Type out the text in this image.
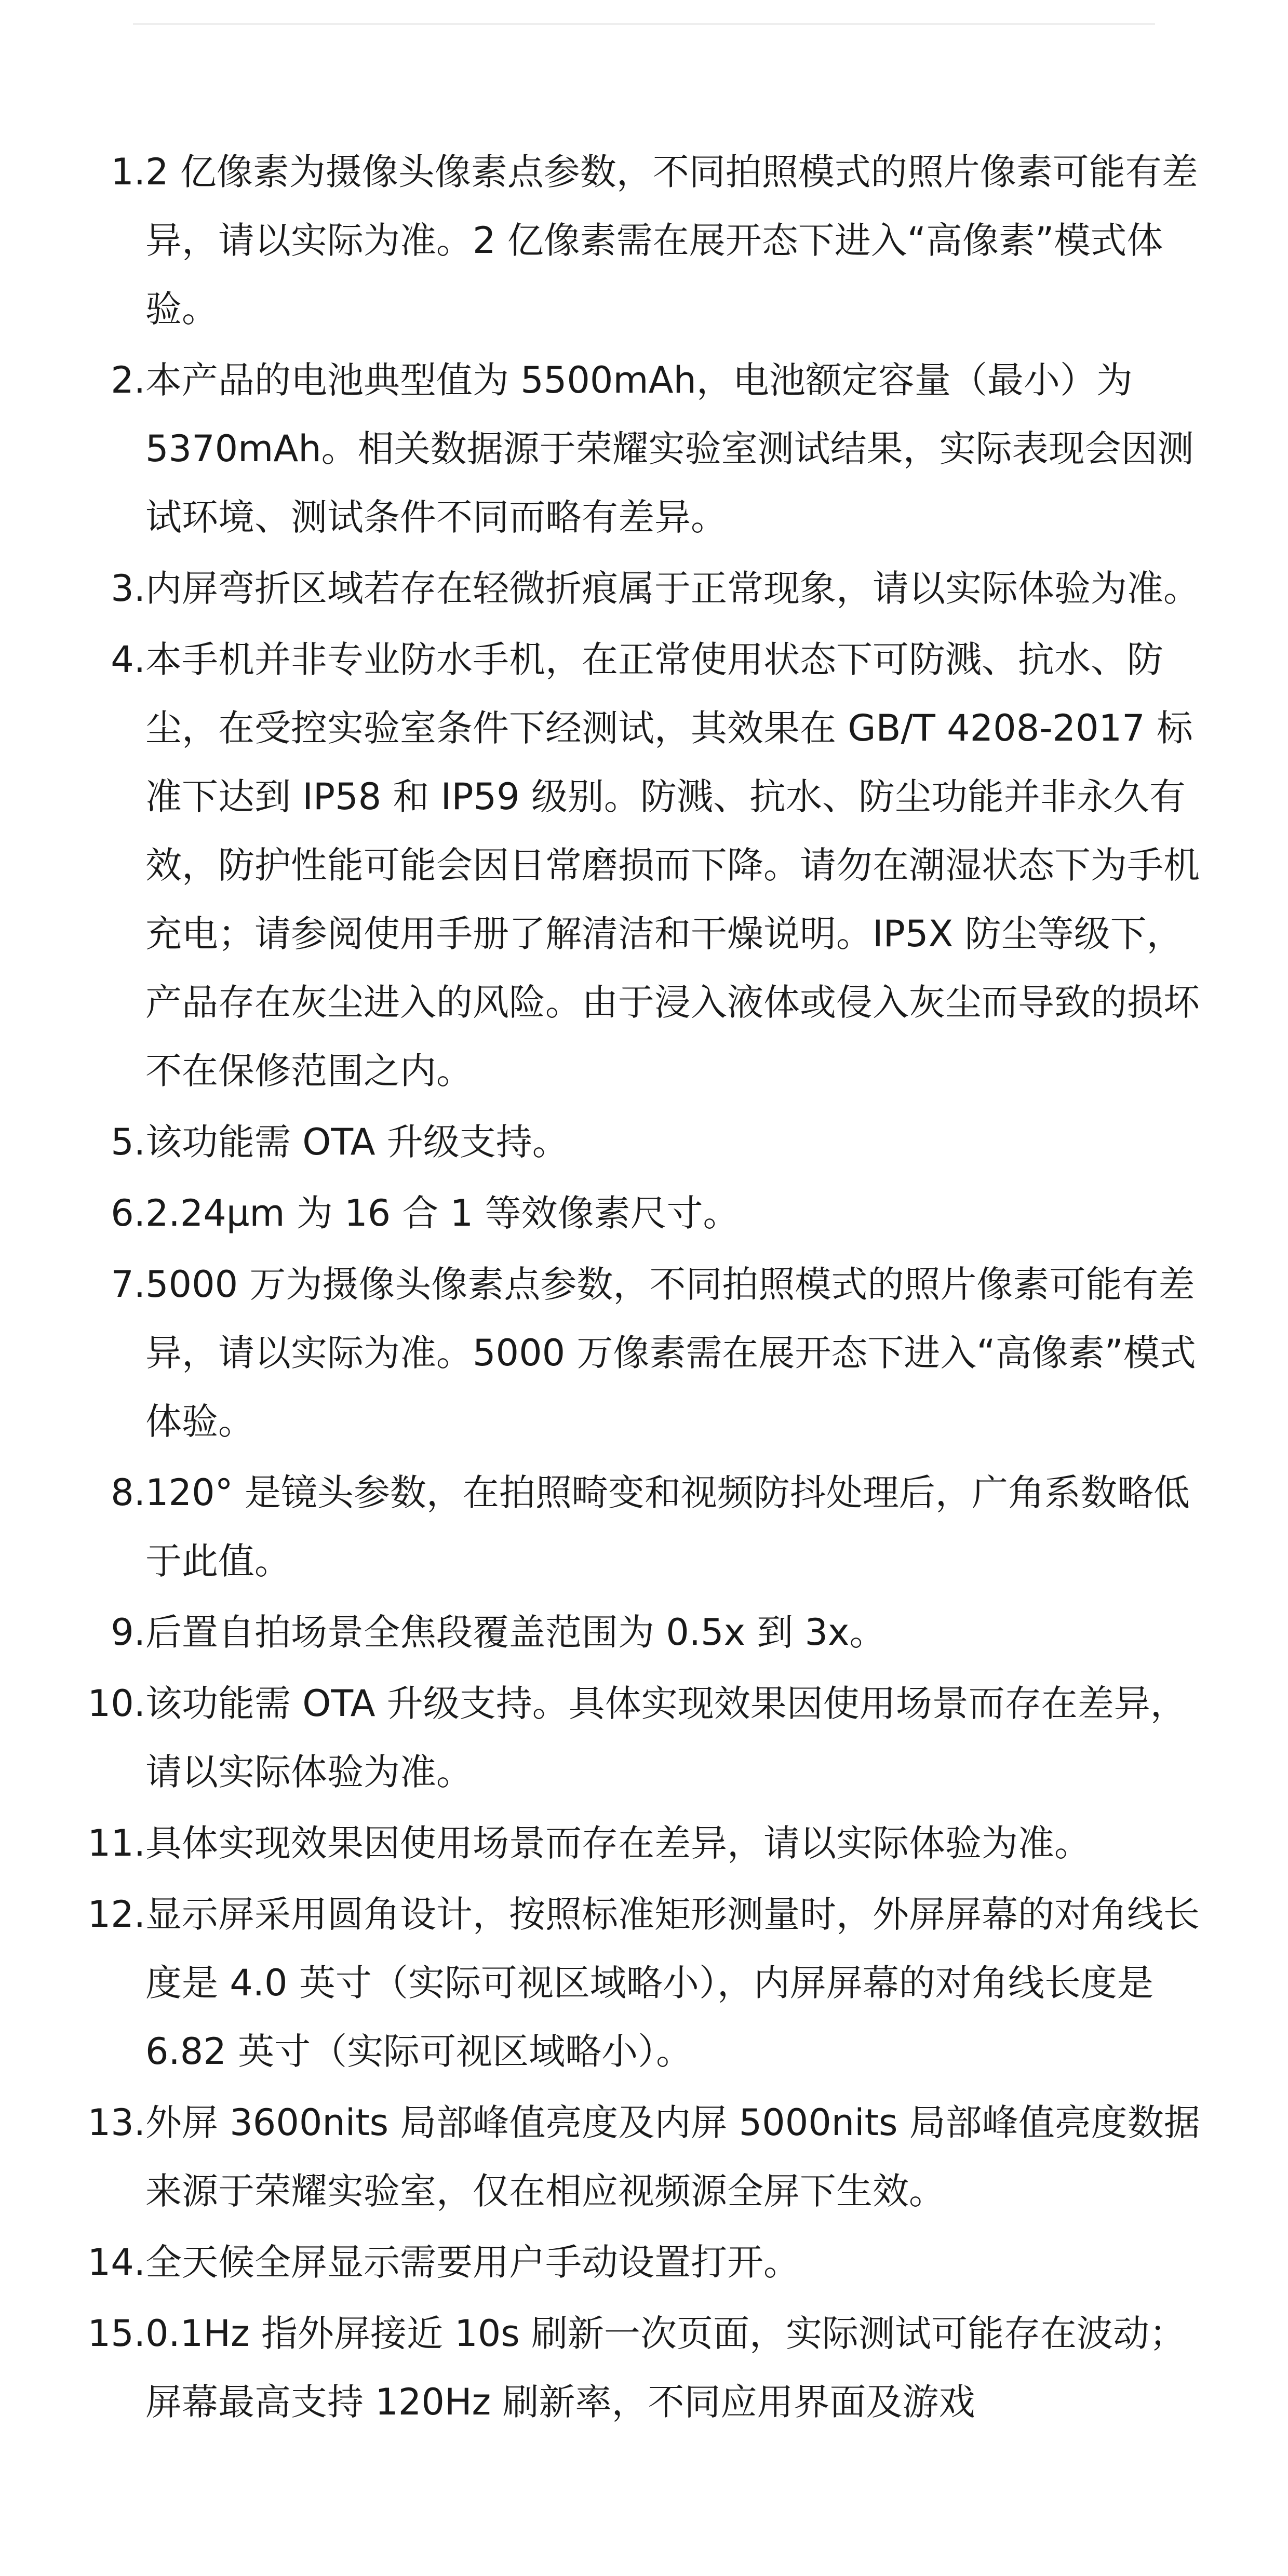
1. 2 亿像素为摄像头像素点参数，不同拍照模式的照片像素可能有差异，请以实际为准。2 亿像素需在展开态下进入“高像素”模式体验。
2. 本产品的电池典型值为 5500mAh，电池额定容量（最小）为 5370mAh。相关数据源于荣耀实验室测试结果，实际表现会因测试环境、测试条件不同而略有差异。
3. 内屏弯折区域若存在轻微折痕属于正常现象，请以实际体验为准。
4. 本手机并非专业防水手机，在正常使用状态下可防溅、抗水、防尘，在受控实验室条件下经测试，其效果在 GB/T 4208-2017 标准下达到 IP58 和 IP59 级别。防溅、抗水、防尘功能并非永久有效，防护性能可能会因日常磨损而下降。请勿在潮湿状态下为手机充电；请参阅使用手册了解清洁和干燥说明。IP5X 防尘等级下，产品存在灰尘进入的风险。由于浸入液体或侵入灰尘而导致的损坏不在保修范围之内。
5. 该功能需 OTA 升级支持。
6. 2.24μm 为 16 合 1 等效像素尺寸。
7. 5000 万为摄像头像素点参数，不同拍照模式的照片像素可能有差异，请以实际为准。5000 万像素需在展开态下进入“高像素”模式体验。
8. 120° 是镜头参数，在拍照畸变和视频防抖处理后，广角系数略低于此值。
9. 后置自拍场景全焦段覆盖范围为 0.5x 到 3x。
10. 该功能需 OTA 升级支持。具体实现效果因使用场景而存在差异，请以实际体验为准。
11. 具体实现效果因使用场景而存在差异，请以实际体验为准。
12. 显示屏采用圆角设计，按照标准矩形测量时，外屏屏幕的对角线长度是 4.0 英寸（实际可视区域略小），内屏屏幕的对角线长度是 6.82 英寸（实际可视区域略小）。
13. 外屏 3600nits 局部峰值亮度及内屏 5000nits 局部峰值亮度数据来源于荣耀实验室，仅在相应视频源全屏下生效。
14. 全天候全屏显示需要用户手动设置打开。
15. 0.1Hz 指外屏接近 10s 刷新一次页面，实际测试可能存在波动；屏幕最高支持 120Hz 刷新率，不同应用界面及游戏
